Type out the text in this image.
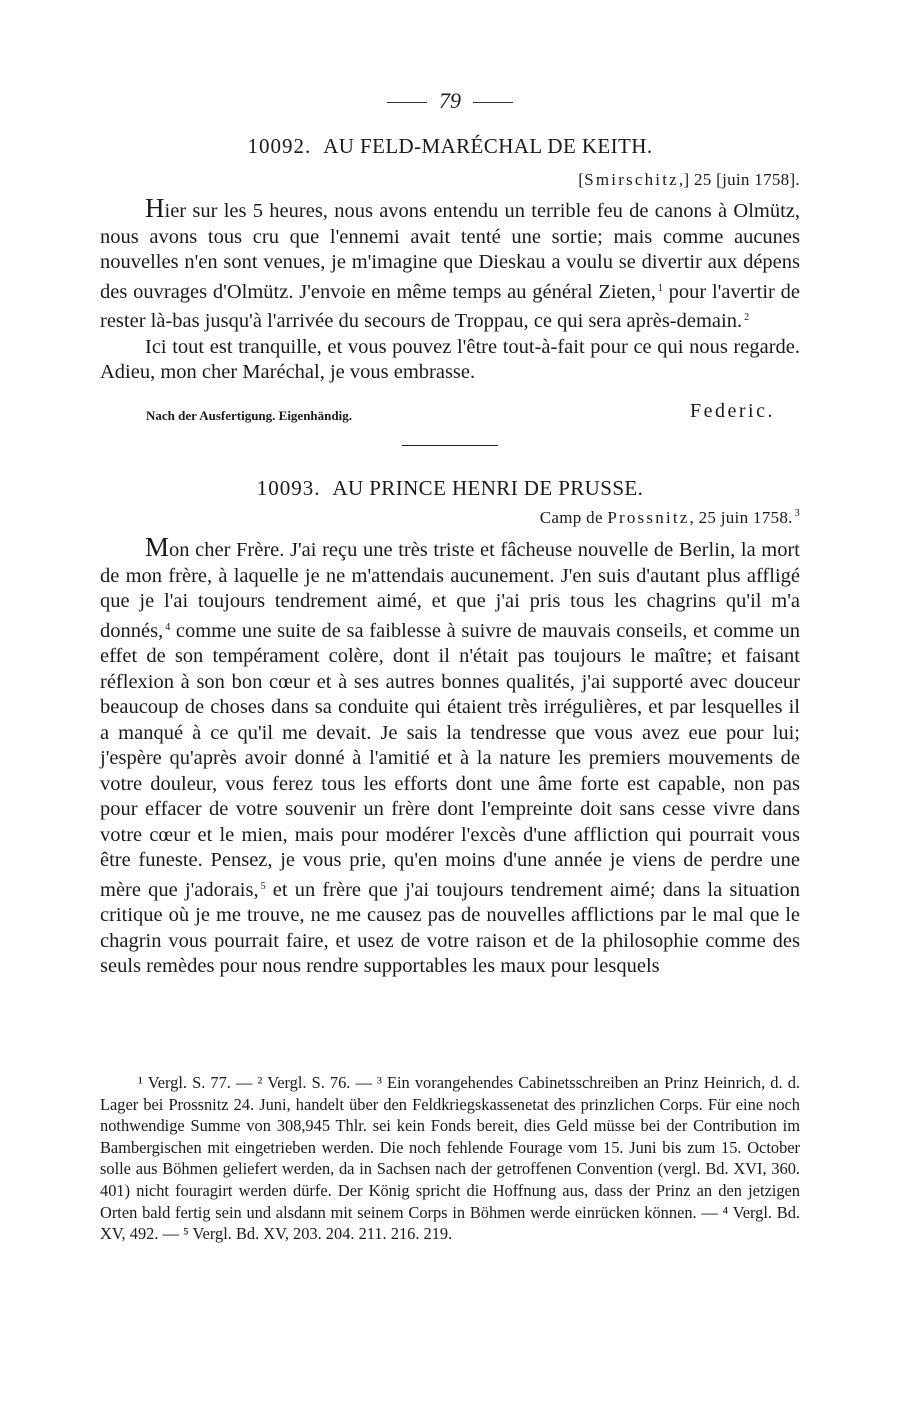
79
10092. AU FELD-MARÉCHAL DE KEITH.
[Smirschitz,] 25 [juin 1758].

Hier sur les 5 heures, nous avons entendu un terrible feu de canons à Olmütz, nous avons tous cru que l'ennemi avait tenté une sortie; mais comme aucunes nouvelles n'en sont venues, je m'imagine que Dieskau a voulu se divertir aux dépens des ouvrages d'Olmütz. J'envoie en même temps au général Zieten, $^1$ pour l'avertir de rester là-bas jusqu'à l'arrivée du secours de Troppau, ce qui sera après-demain. $^2$

Ici tout est tranquille, et vous pouvez l'être tout-à-fait pour ce qui nous regarde. Adieu, mon cher Maréchal, je vous embrasse.

Nach der Ausfertigung. Eigenhändig.	Federic.
10093. AU PRINCE HENRI DE PRUSSE.
Camp de Prossnitz, 25 juin 1758. $^3$

Mon cher Frère. J'ai reçu une très triste et fâcheuse nouvelle de Berlin, la mort de mon frère, à laquelle je ne m'attendais aucunement. J'en suis d'autant plus affligé que je l'ai toujours tendrement aimé, et que j'ai pris tous les chagrins qu'il m'a donnés, $^4$ comme une suite de sa faiblesse à suivre de mauvais conseils, et comme un effet de son tempérament colère, dont il n'était pas toujours le maître; et faisant réflexion à son bon cœur et à ses autres bonnes qualités, j'ai supporté avec douceur beaucoup de choses dans sa conduite qui étaient très irrégulières, et par lesquelles il a manqué à ce qu'il me devait. Je sais la tendresse que vous avez eue pour lui; j'espère qu'après avoir donné à l'amitié et à la nature les premiers mouvements de votre douleur, vous ferez tous les efforts dont une âme forte est capable, non pas pour effacer de votre souvenir un frère dont l'empreinte doit sans cesse vivre dans votre cœur et le mien, mais pour modérer l'excès d'une affliction qui pourrait vous être funeste. Pensez, je vous prie, qu'en moins d'une année je viens de perdre une mère que j'adorais, $^5$ et un frère que j'ai toujours tendrement aimé; dans la situation critique où je me trouve, ne me causez pas de nouvelles afflictions par le mal que le chagrin vous pourrait faire, et usez de votre raison et de la philosophie comme des seuls remèdes pour nous rendre supportables les maux pour lesquels

¹ Vergl. S. 77. — ² Vergl. S. 76. — ³ Ein vorangehendes Cabinetsschreiben an Prinz Heinrich, d. d. Lager bei Prossnitz 24. Juni, handelt über den Feldkriegskassenetat des prinzlichen Corps. Für eine noch nothwendige Summe von 308,945 Thlr. sei kein Fonds bereit, dies Geld müsse bei der Contribution im Bambergischen mit eingetrieben werden. Die noch fehlende Fourage vom 15. Juni bis zum 15. October solle aus Böhmen geliefert werden, da in Sachsen nach der getroffenen Convention (vergl. Bd. XVI, 360. 401) nicht fouragirt werden dürfe. Der König spricht die Hoffnung aus, dass der Prinz an den jetzigen Orten bald fertig sein und alsdann mit seinem Corps in Böhmen werde einrücken können. — ⁴ Vergl. Bd. XV, 492. — ⁵ Vergl. Bd. XV, 203. 204. 211. 216. 219.
